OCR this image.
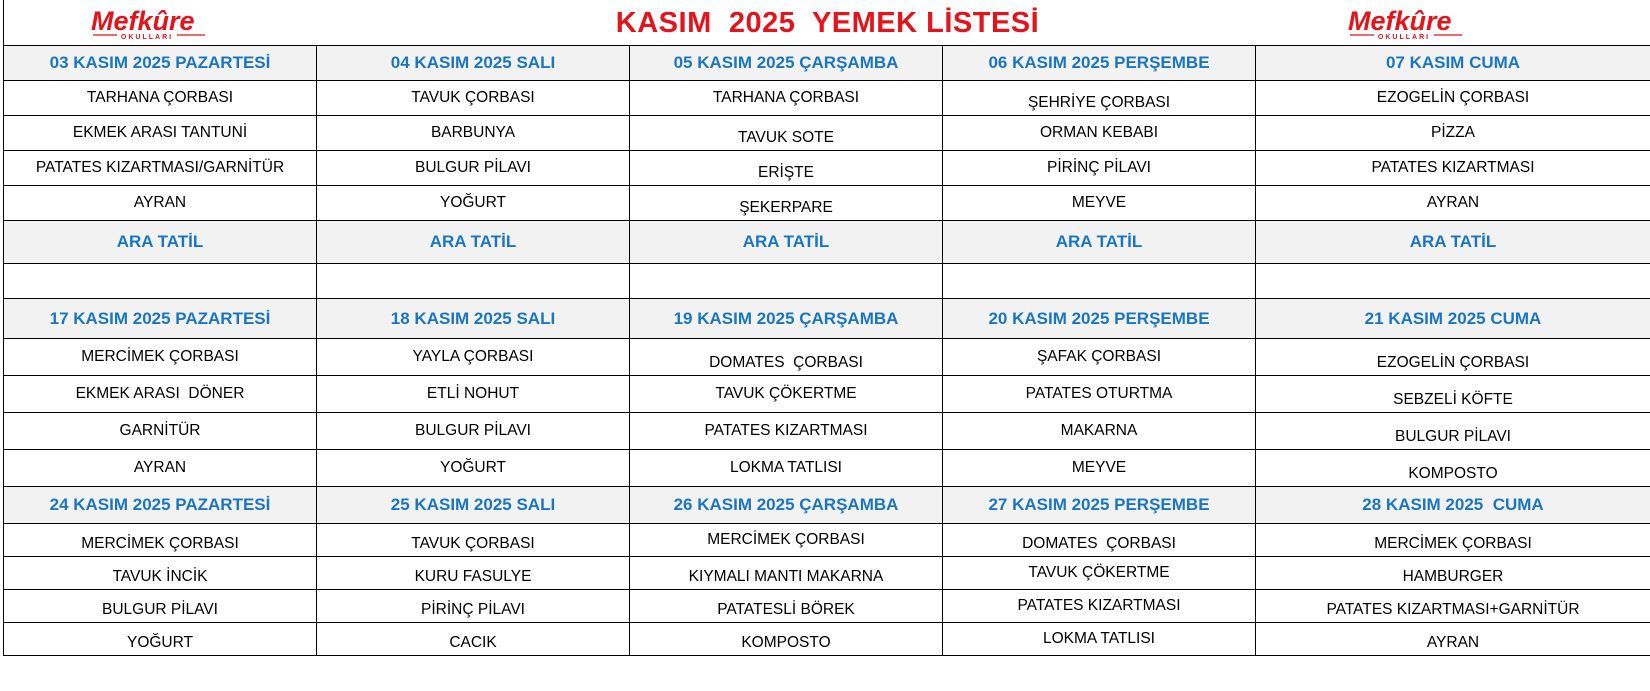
Mefkûre
OKULLARI	KASIM  2025  YEMEK LİSTESİ	Mefkûre
OKULLARI
03 KASIM 2025 PAZARTESİ	04 KASIM 2025 SALI	05 KASIM 2025 ÇARŞAMBA	06 KASIM 2025 PERŞEMBE	07 KASIM CUMA
TARHANA ÇORBASI	TAVUK ÇORBASI	TARHANA ÇORBASI	ŞEHRİYE ÇORBASI	EZOGELİN ÇORBASI
EKMEK ARASI TANTUNİ	BARBUNYA	TAVUK SOTE	ORMAN KEBABI	PİZZA
PATATES KIZARTMASI/GARNİTÜR	BULGUR PİLAVI	ERİŞTE	PİRİNÇ PİLAVI	PATATES KIZARTMASI
AYRAN	YOĞURT	ŞEKERPARE	MEYVE	AYRAN
ARA TATİL	ARA TATİL	ARA TATİL	ARA TATİL	ARA TATİL

17 KASIM 2025 PAZARTESİ	18 KASIM 2025 SALI	19 KASIM 2025 ÇARŞAMBA	20 KASIM 2025 PERŞEMBE	21 KASIM 2025 CUMA
MERCİMEK ÇORBASI	YAYLA ÇORBASI	DOMATES  ÇORBASI	ŞAFAK ÇORBASI	EZOGELİN ÇORBASI
EKMEK ARASI  DÖNER	ETLİ NOHUT	TAVUK ÇÖKERTME	PATATES OTURTMA	SEBZELİ KÖFTE
GARNİTÜR	BULGUR PİLAVI	PATATES KIZARTMASI	MAKARNA	BULGUR PİLAVI
AYRAN	YOĞURT	LOKMA TATLISI	MEYVE	KOMPOSTO
24 KASIM 2025 PAZARTESİ	25 KASIM 2025 SALI	26 KASIM 2025 ÇARŞAMBA	27 KASIM 2025 PERŞEMBE	28 KASIM 2025  CUMA
MERCİMEK ÇORBASI	TAVUK ÇORBASI	MERCİMEK ÇORBASI	DOMATES  ÇORBASI	MERCİMEK ÇORBASI
TAVUK İNCİK	KURU FASULYE	KIYMALI MANTI MAKARNA	TAVUK ÇÖKERTME	HAMBURGER
BULGUR PİLAVI	PİRİNÇ PİLAVI	PATATESLİ BÖREK	PATATES KIZARTMASI	PATATES KIZARTMASI+GARNİTÜR
YOĞURT	CACIK	KOMPOSTO	LOKMA TATLISI	AYRAN
